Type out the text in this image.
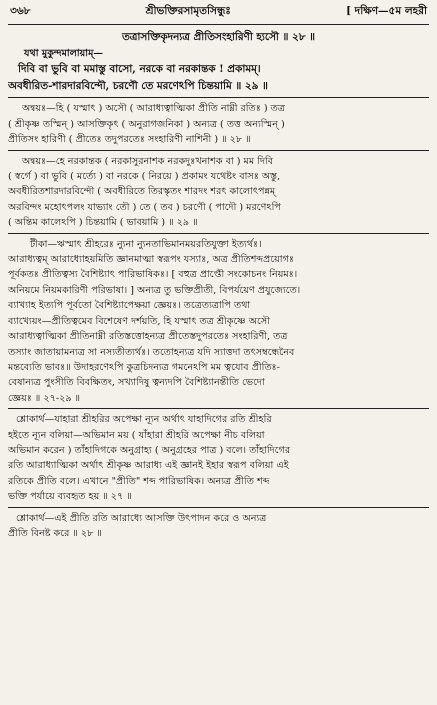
৩৬৮	শ্রীভক্তিরসামৃতসিন্ধুঃ	[ দক্ষিণ—৫ম লহরী
তত্রাসক্তিকৃদন্যত্র প্রীতিসংহারিণী হ্যসৌ ॥ ২৮ ॥
যথা মুকুন্দমালায়াম্—
দিবি বা ভুবি বা মমাস্তু বাসো, নরকে বা নরকান্তক ! প্রকামম্।
অবধীরিত-শারদারবিন্দৌ, চরণৌ তে মরণেঽপি চিন্তয়ামি ॥ ২৯ ॥
অন্বয়ঃ—হি ( যস্মাৎ ) অসৌ ( আরাধ্যত্বাত্মিকা প্রীতি নাম্নী রতিঃ ) তত্র
( শ্রীকৃষ্ণ তস্মিন্ ) আসক্তিকৃৎ ( অনুরাগজনিকা ) অন্যত্র ( তত্ত অন্যস্মিন্ )
প্রীতিসং হারিণী ( প্রীতেঃ তদুপরতেঃ সংহারিণী নাশিনী ) ॥ ২৮ ॥
অন্বয়ঃ—হে নরকান্তক ( নরকাসুরনাশক নরকদুঃখনাশক বা ) মম দিবি
( স্বর্গে ) বা ভুবি ( মর্ত্যে ) বা নরকে ( নিরয়ে ) প্রকামং যথেষ্টং বাসঃ অস্তু,
অবধীরিতশারদারবিন্দৌ ( অবধীরিতে তিরস্কৃতং শারদং শরৎ কালোৎপন্নম্
অরবিন্দং মহোৎপলং যাভ্যাং তৌ ) তে ( তব ) চরণৌ ( পাদৌ ) মরণেঽপি
( অন্তিম কালেঽপি ) চিন্তয়ামি ( ভাবয়ামি ) ॥ ২৯ ॥
টীকা—ঋস্মাৎ শ্রীহরেঃ ন্যুনা ন্যুনতাভিমানময়রতিযুক্তা ইত্যর্থঃ।
আরাধ্যত্বম্ আরাধ্যোহয়মিতি জ্ঞানমাত্মা স্বরূপং যস্যাঃ, অত্র প্রীতিশব্দপ্রয়োগঃ
পূর্বকতঃ প্রীতিত্বস্য বৈশিষ্ট্যাৎ পারিভাষিকঃ। [ বহুত্র প্রাপ্তৌ সংকোচনং নিয়মঃ।
অনিয়মে নিয়মকারিণী পরিভাষা। ] অন্যত্র তু ভক্তিপ্রীতী, বিপর্যয়েণ প্রযুজ্যেতে।
ব্যাখ্যাহ ইত্যপি পূর্বতো বৈশিষ্ট্যাপেক্ষয়া জ্ঞেয়ঃ। তত্রেত্যত্রাপি তথা
ব্যাখ্যেয়ং—প্রীতিত্বমেব বিশেষেণ দর্শয়তি, হি যস্মাৎ তত্র শ্রীকৃষ্ণে অসৌ
আরাধ্যত্বাত্মিকা প্রীতিনাম্নী রতিস্তত্তোহন্যত্র প্রীতেস্তদুপরতেঃ সংহারিণী, তত্র
তস্যাং জাতায়ামন্যত্র সা নস্যতীত্যর্থঃ। ততোহন্যত্র যদি স্যাত্তদা তৎসম্বন্ধেনৈব
মন্তব্যেতি ভাবঃ॥ উদাহরণেঽপি কুত্রচিদন্যত্র গমনেঽপি মম ত্বযোব প্রীতিঃ-
বেষান্যত্র পুংসীতি বিবক্ষিতং, সখ্যাদিষু ত্বন্যদপি বৈশিষ্ট্যানন্তীতি ভেদো
জ্ঞেয়ঃ ॥ ২৭-২৯ ॥
শ্লোকার্থ—যাহারা শ্রীহরির অপেক্ষা ন্যূন অর্থাৎ যাহাদিগের রতি শ্রীহরি
হইতে ন্যূন বলিয়া—অভিমান ময় ( যাঁহারা শ্রীহরি অপেক্ষা নীচ বলিয়া
অভিমান করেন ) তাঁহাদিগকে অনুগ্রাহ্য ( অনুগ্রহের পাত্র ) বলে। তাঁহাদিগের
রতি আরাধ্যাত্মিকা অর্থাৎ শ্রীকৃষ্ণ আরাধ্য এই জ্ঞানই ইহার স্বরূপ বলিয়া এই
রতিকে প্রীতি বলে। এখানে "প্রীতি" শব্দ পারিভাষিক। অন্যত্র প্রীতি শব্দ
ভক্তি পর্যায়ে ব্যবহৃত হয় ॥ ২৭ ॥
শ্লোকার্থ—এই প্রীতি রতি আরাধ্যে আসক্তি উৎপাদন করে ও অন্যত্র
প্রীতি বিনষ্ট করে ॥ ২৮ ॥
